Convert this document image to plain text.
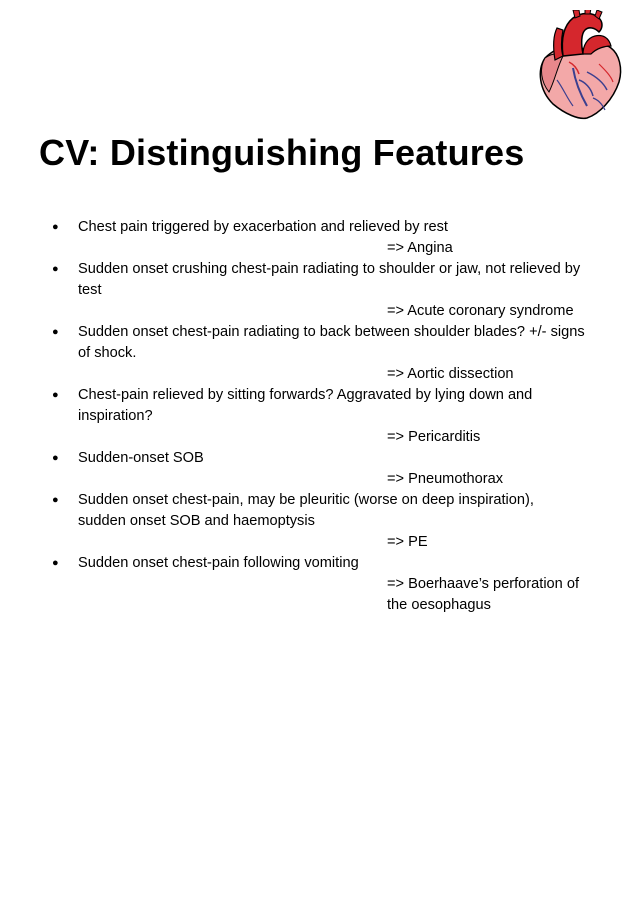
CV: Distinguishing Features
● Chest pain triggered by exacerbation and relieved by rest
=> Angina
● Sudden onset crushing chest-pain radiating to shoulder or jaw, not relieved by
test
=> Acute coronary syndrome
● Sudden onset chest-pain radiating to back between shoulder blades? +/- signs
of shock.
=> Aortic dissection
● Chest-pain relieved by sitting forwards? Aggravated by lying down and
inspiration?
=> Pericarditis
● Sudden-onset SOB
=> Pneumothorax
● Sudden onset chest-pain, may be pleuritic (worse on deep inspiration),
sudden onset SOB and haemoptysis
=> PE
● Sudden onset chest-pain following vomiting
=> Boerhaave’s perforation of
the oesophagus
